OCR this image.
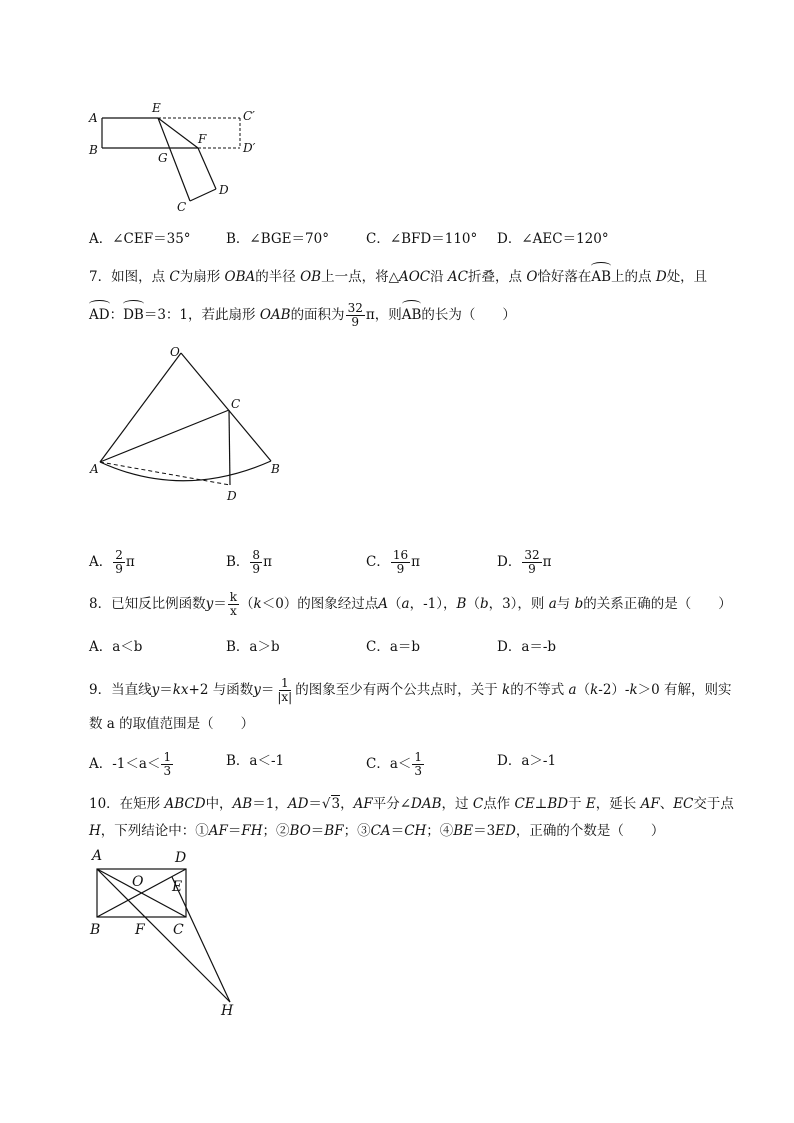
A
B
E
C′
F
D′
G
D
C
A．∠CEF＝35°	B．∠BGE＝70°	C．∠BFD＝110° D．∠AEC＝120°
7．如图，点 C为扇形 OBA的半径 OB上一点，将△AOC沿 AC折叠，点 O恰好落在AB上的点 D处，且
AD：DB＝3：1，若此扇形 OAB的面积为 $\frac{32}{9}$ π，则AB的长为（　　）
O
C
A	B
D
A． $\frac{2}{9}$ π	B． $\frac{8}{9}$ π	C． $\frac{16}{9}$ π	D． $\frac{32}{9}$ π
8．已知反比例函数$y= \frac{k}{x} (k<0)$的图象经过点A（a，-1），B（b，3），则 a与 b的关系正确的是（　　）
A．a＜b	B．a＞b	C．a＝b	D．a＝-b
9．当直线y＝kx+2 与函数$y= \frac{1}{|x|}$ 的图象至少有两个公共点时，关于 k的不等式 a（k-2）-k＞0 有解，则实
数 a 的取值范围是（　　）
A．$-1<a< \frac{1}{3}$	B．a＜-1	C．$a< \frac{1}{3}$	D．a＞-1
10．在矩形 ABCD中，AB＝1，AD＝√3，AF平分∠DAB，过 C点作 CE⊥BD于 E，延长 AF、EC交于点
H，下列结论中：①AF＝FH；②BO＝BF；③CA＝CH；④BE＝3ED，正确的个数是（　　）
A	D
O E
B F C
H
